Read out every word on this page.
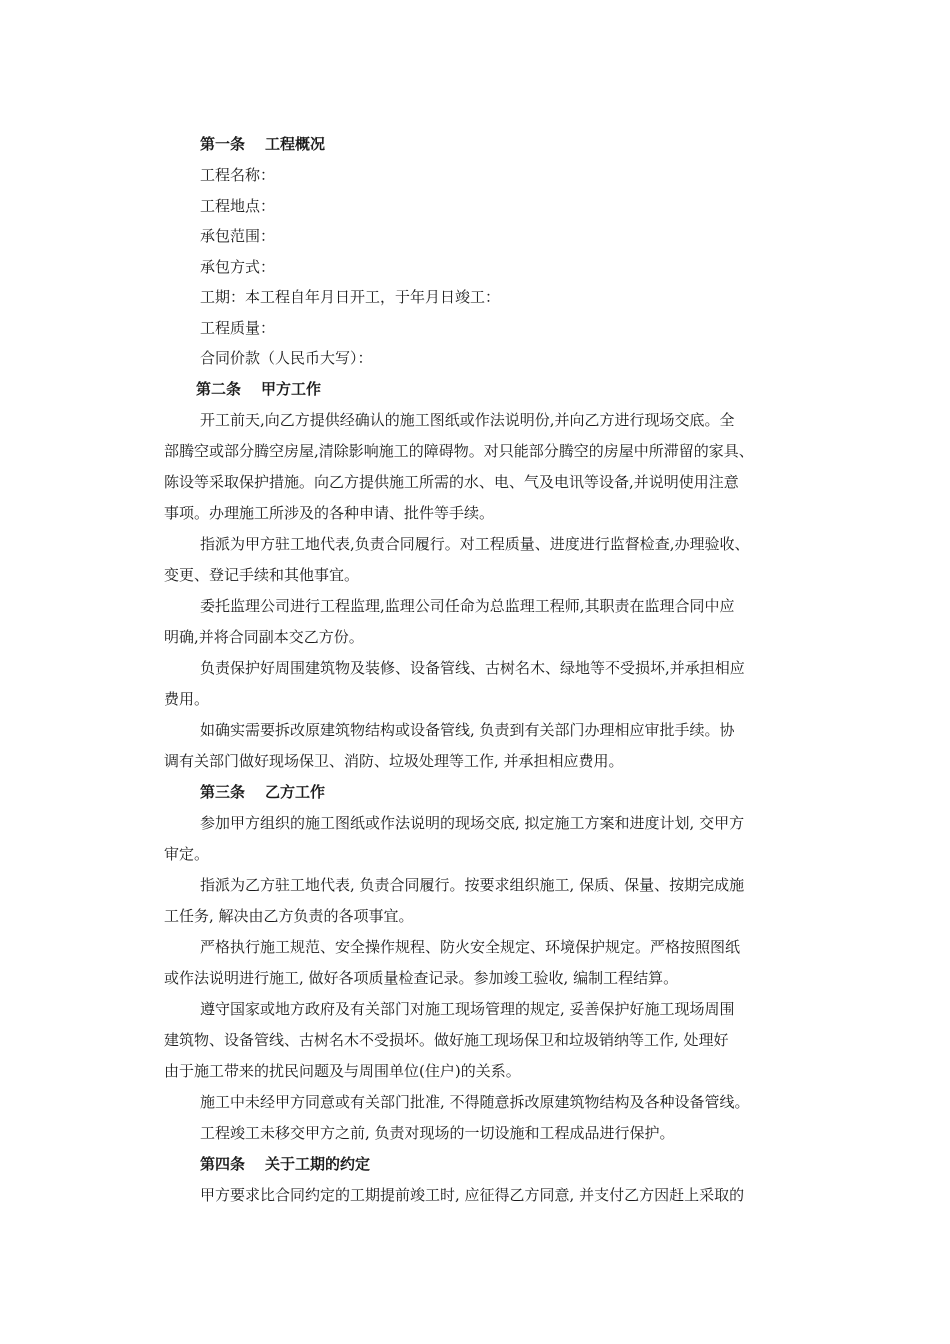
第一条 工程概况
工程名称：
工程地点：
承包范围：
承包方式：
工期：本工程自年月日开工，于年月日竣工：
工程质量：
合同价款（人民币大写）：
第二条 甲方工作
开工前天,向乙方提供经确认的施工图纸或作法说明份,并向乙方进行现场交底。全
部腾空或部分腾空房屋,清除影响施工的障碍物。对只能部分腾空的房屋中所滞留的家具、
陈设等采取保护措施。向乙方提供施工所需的水、电、气及电讯等设备,并说明使用注意
事项。办理施工所涉及的各种申请、批件等手续。
指派为甲方驻工地代表,负责合同履行。对工程质量、进度进行监督检查,办理验收、
变更、登记手续和其他事宜。
委托监理公司进行工程监理,监理公司任命为总监理工程师,其职责在监理合同中应
明确,并将合同副本交乙方份。
负责保护好周围建筑物及装修、设备管线、古树名木、绿地等不受损坏,并承担相应
费用。
如确实需要拆改原建筑物结构或设备管线, 负责到有关部门办理相应审批手续。协
调有关部门做好现场保卫、消防、垃圾处理等工作, 并承担相应费用。
第三条 乙方工作
参加甲方组织的施工图纸或作法说明的现场交底, 拟定施工方案和进度计划, 交甲方
审定。
指派为乙方驻工地代表, 负责合同履行。按要求组织施工, 保质、保量、按期完成施
工任务, 解决由乙方负责的各项事宜。
严格执行施工规范、安全操作规程、防火安全规定、环境保护规定。严格按照图纸
或作法说明进行施工, 做好各项质量检查记录。参加竣工验收, 编制工程结算。
遵守国家或地方政府及有关部门对施工现场管理的规定, 妥善保护好施工现场周围
建筑物、设备管线、古树名木不受损坏。做好施工现场保卫和垃圾销纳等工作, 处理好
由于施工带来的扰民问题及与周围单位(住户)的关系。
施工中未经甲方同意或有关部门批准, 不得随意拆改原建筑物结构及各种设备管线。
工程竣工未移交甲方之前, 负责对现场的一切设施和工程成品进行保护。
第四条 关于工期的约定
甲方要求比合同约定的工期提前竣工时, 应征得乙方同意, 并支付乙方因赶上采取的
